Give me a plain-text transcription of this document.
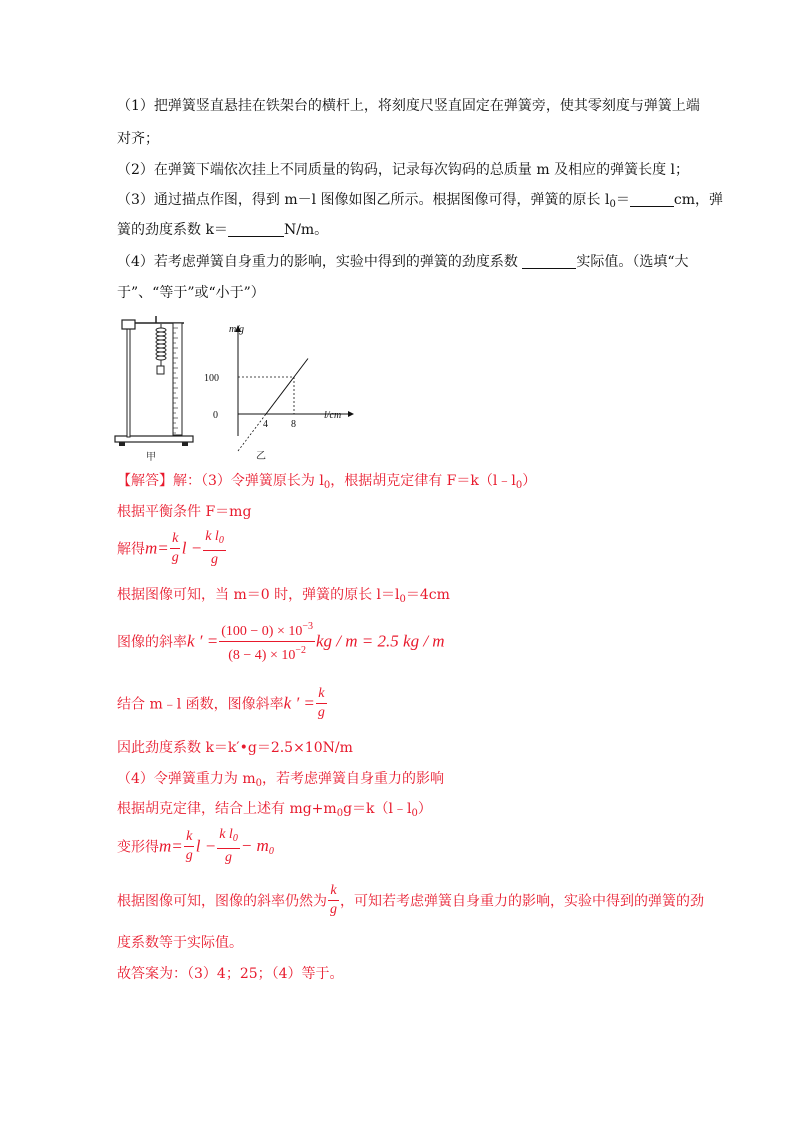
（1）把弹簧竖直悬挂在铁架台的横杆上，将刻度尺竖直固定在弹簧旁，使其零刻度与弹簧上端
对齐；
（2）在弹簧下端依次挂上不同质量的钩码，记录每次钩码的总质量 m 及相应的弹簧长度 l；
（3）通过描点作图，得到 m－l 图像如图乙所示。根据图像可得，弹簧的原长 $l_0=$	cm，弹
簧的劲度系数 k＝	N/m。
（4）若考虑弹簧自身重力的影响，实验中得到的弹簧的劲度系数	实际值。（选填“大
于”、“等于”或“小于”）
甲
m/g
l/cm
0
100
4 8
乙
【解答】解：（3）令弹簧原长为 $l_0$，根据胡克定律有 $F=k(l﹣l_0)$
根据平衡条件 F＝mg
解得$m= \frac{k}{g}$ $l - \frac{k l_0}{g}$
根据图像可知，当 m＝0 时，弹簧的原长 $l=l_0=4cm$
图像的斜率k ′ = $\frac{(100 - 0) \times 10^{-3}}{(8 - 4) \times 10^{-2}}$ kg / m = 2.5 kg / m
结合 m﹣l 函数，图像斜率k ′ = $\frac{k}{g}$
因此劲度系数 k＝k′•g＝2.5×10N/m
（4）令弹簧重力为 $m_0$，若考虑弹簧自身重力的影响
根据胡克定律，结合上述有 $mg+m_0g=k(l﹣l_0)$
变形得$m= \frac{k}{g}$ $l - \frac{k l_0}{g} - m_0$
根据图像可知，图像的斜率仍然为 $\frac{k}{g}$ ，可知若考虑弹簧自身重力的影响，实验中得到的弹簧的劲
度系数等于实际值。
故答案为：（3）4；25；（4）等于。
